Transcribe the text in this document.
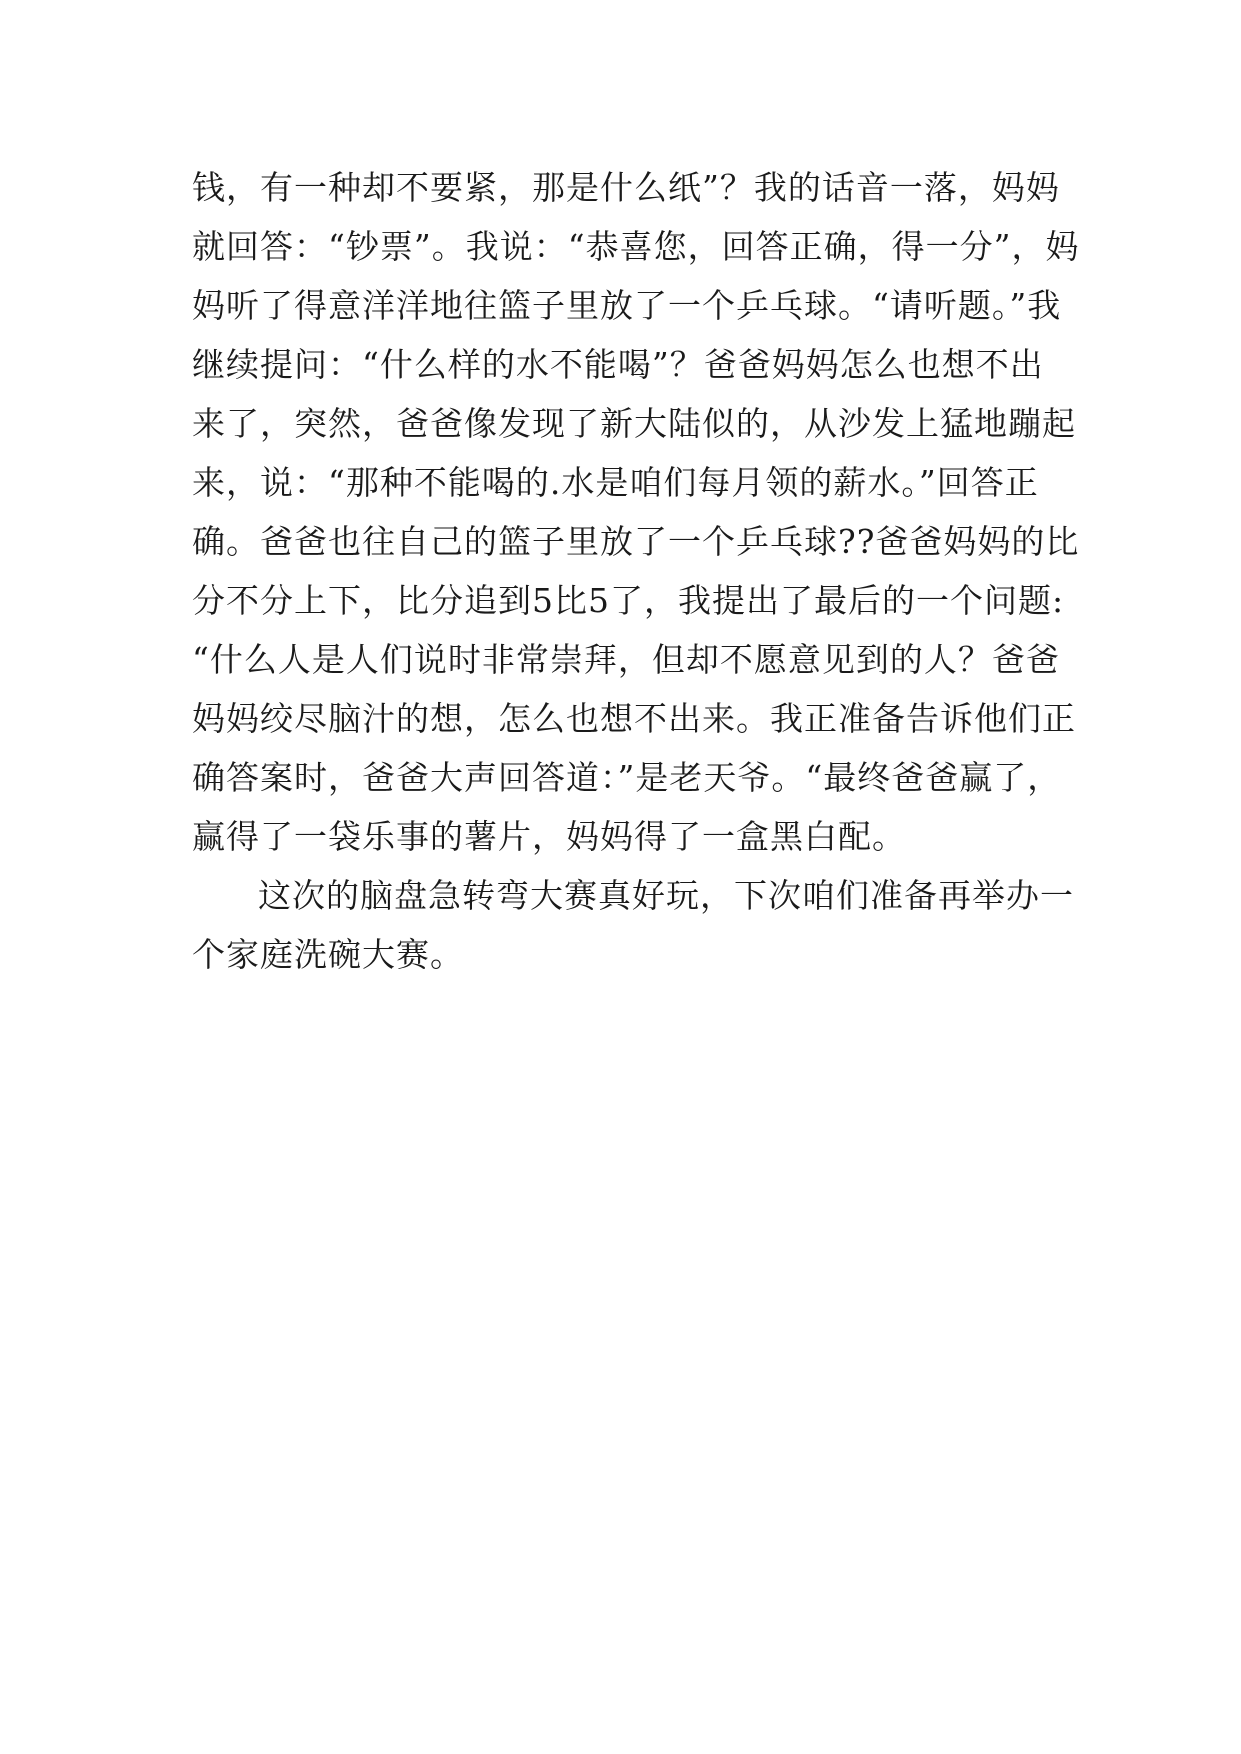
钱，有一种却不要紧，那是什么纸”？我的话音一落，妈妈
就回答：“钞票”。我说：“恭喜您，回答正确，得一分”，妈
妈听了得意洋洋地往篮子里放了一个乒乓球。“请听题。”我
继续提问：“什么样的水不能喝”？爸爸妈妈怎么也想不出
来了，突然，爸爸像发现了新大陆似的，从沙发上猛地蹦起
来，说：“那种不能喝的.水是咱们每月领的薪水。”回答正
确。爸爸也往自己的篮子里放了一个乒乓球??爸爸妈妈的比
分不分上下，比分追到5比5了，我提出了最后的一个问题:
“什么人是人们说时非常崇拜，但却不愿意见到的人？爸爸
妈妈绞尽脑汁的想，怎么也想不出来。我正准备告诉他们正
确答案时，爸爸大声回答道：”是老天爷。“最终爸爸赢了，
赢得了一袋乐事的薯片，妈妈得了一盒黑白配。
这次的脑盘急转弯大赛真好玩，下次咱们准备再举办一
个家庭洗碗大赛。
